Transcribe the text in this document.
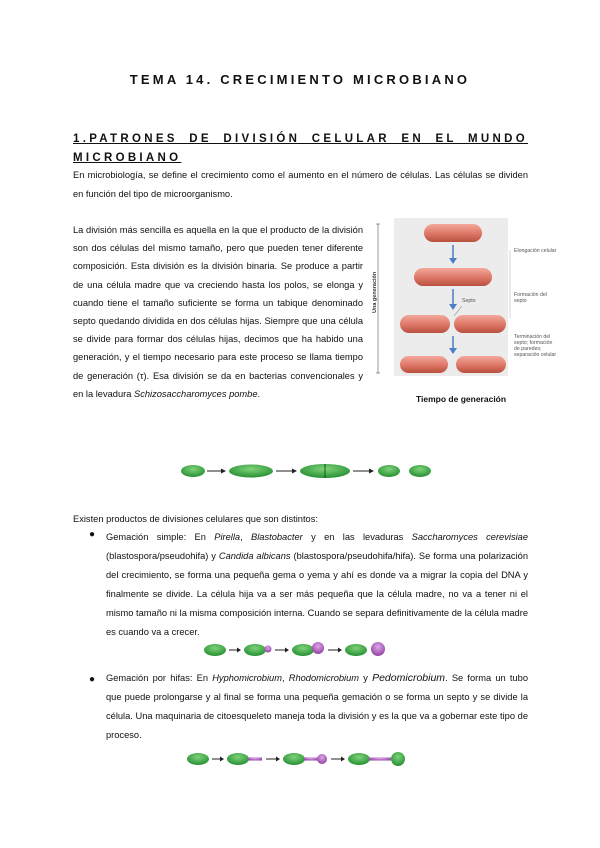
TEMA 14. CRECIMIENTO MICROBIANO
1.PATRONES DE DIVISIÓN CELULAR EN EL MUNDO
MICROBIANO
En microbiología, se define el crecimiento como el aumento en el número de células. Las células se dividen en función del tipo de microorganismo.
La división más sencilla es aquella en la que el producto de la división son dos células del mismo tamaño, pero que pueden tener diferente composición. Esta división es la división binaria. Se produce a partir de una célula madre que va creciendo hasta los polos, se elonga y cuando tiene el tamaño suficiente se forma un tabique denominado septo quedando dividida en dos células hijas. Siempre que una célula se divide para formar dos células hijas, decimos que ha habido una generación, y el tiempo necesario para este proceso se llama tiempo de generación (τ). Esa división se da en bacterias convencionales y en la levadura Schizosaccharomyces pombe.
Una generación
Elongación celular
Formación del septo
Septo
Terminación del septo; formación de paredes; separación celular
Tiempo de generación
Existen productos de divisiones celulares que son distintos:
● Gemación simple: En Pirella, Blastobacter y en las levaduras Saccharomyces cerevisiae (blastospora/pseudohifa) y Candida albicans (blastospora/pseudohifa/hifa). Se forma una polarización del crecimiento, se forma una pequeña gema o yema y ahí es donde va a migrar la copia del DNA y finalmente se divide. La célula hija va a ser más pequeña que la célula madre, no va a tener ni el mismo tamaño ni la misma composición interna. Cuando se separa definitivamente de la célula madre es cuando va a crecer.
● Gemación por hifas: En Hyphomicrobium, Rhodomicrobium y Pedomicrobium. Se forma un tubo que puede prolongarse y al final se forma una pequeña gemación o se forma un septo y se divide la célula. Una maquinaria de citoesqueleto maneja toda la división y es la que va a gobernar este tipo de proceso.
